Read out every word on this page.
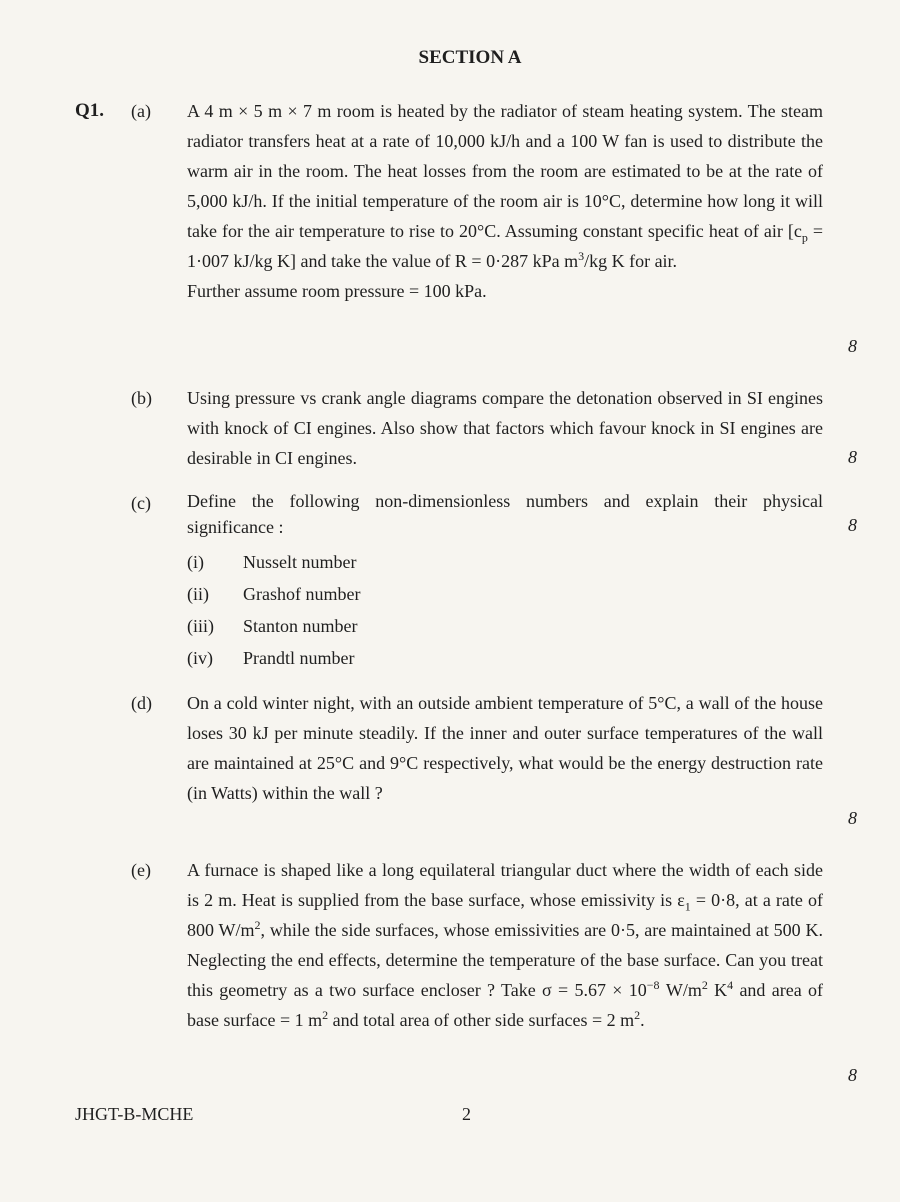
SECTION A
Q1. (a) A 4 m × 5 m × 7 m room is heated by the radiator of steam heating system. The steam radiator transfers heat at a rate of 10,000 kJ/h and a 100 W fan is used to distribute the warm air in the room. The heat losses from the room are estimated to be at the rate of 5,000 kJ/h. If the initial temperature of the room air is 10°C, determine how long it will take for the air temperature to rise to 20°C. Assuming constant specific heat of air [$c_p = 1\cdot 007$ kJ/kg K] and take the value of R = 0·287 kPa $m^3/kg$ K for air.

Further assume room pressure = 100 kPa.

8
(b) Using pressure vs crank angle diagrams compare the detonation observed in SI engines with knock of CI engines. Also show that factors which favour knock in SI engines are desirable in CI engines.	8
(c) Define the following non-dimensionless numbers and explain their physical significance :

(i)	Nusselt number
(ii)	Grashof number
(iii)	Stanton number
(iv)	Prandtl number
8
(d) On a cold winter night, with an outside ambient temperature of 5°C, a wall of the house loses 30 kJ per minute steadily. If the inner and outer surface temperatures of the wall are maintained at 25°C and 9°C respectively, what would be the energy destruction rate (in Watts) within the wall ?
8
(e) A furnace is shaped like a long equilateral triangular duct where the width of each side is 2 m. Heat is supplied from the base surface, whose emissivity is $\varepsilon_1 = 0\cdot 8$, at a rate of 800 $W/m^2$, while the side surfaces, whose emissivities are 0·5, are maintained at 500 K. Neglecting the end effects, determine the temperature of the base surface. Can you treat this geometry as a two surface encloser ? Take $\sigma = 5.67 \times 10^{-8}$ $W/m^2$ $K^4$ and area of base surface = 1 $m^2$ and total area of other side surfaces = 2 $m^2$.
8
JHGT-B-MCHE	2
